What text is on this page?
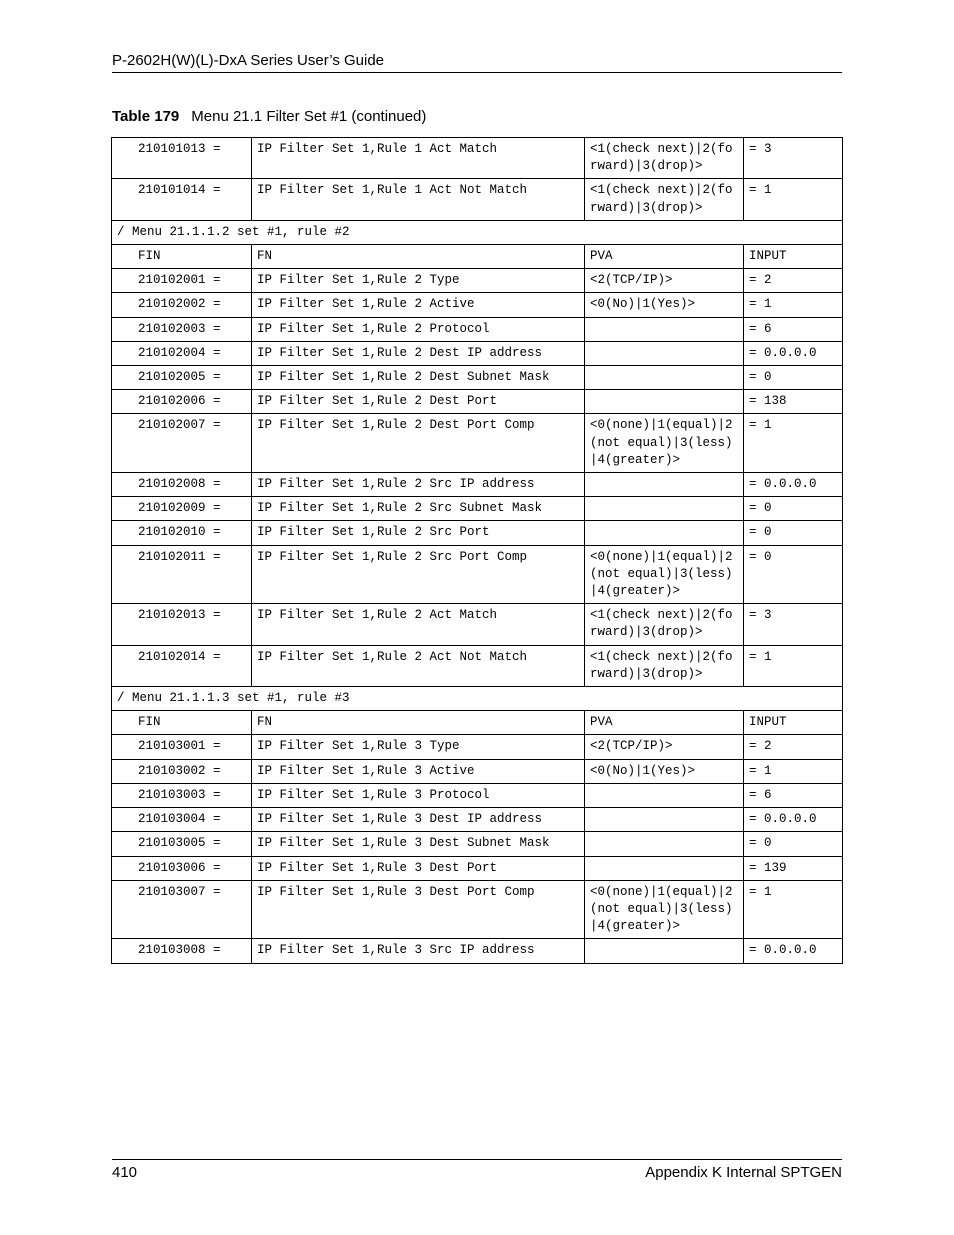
P-2602H(W)(L)-DxA Series User’s Guide
Table 179 Menu 21.1 Filter Set #1 (continued)
210101013 =	IP Filter Set 1,Rule 1 Act Match	<1(check next)|2(forward)|3(drop)>	= 3
210101014 =	IP Filter Set 1,Rule 1 Act Not Match	<1(check next)|2(forward)|3(drop)>	= 1
/ Menu 21.1.1.2 set #1, rule #2			
FIN	FN	PVA	INPUT
210102001 =	IP Filter Set 1,Rule 2 Type	<2(TCP/IP)>	= 2
210102002 =	IP Filter Set 1,Rule 2 Active	<0(No)|1(Yes)>	= 1
210102003 =	IP Filter Set 1,Rule 2 Protocol		= 6
210102004 =	IP Filter Set 1,Rule 2 Dest IP address		= 0.0.0.0
210102005 =	IP Filter Set 1,Rule 2 Dest Subnet Mask		= 0
210102006 =	IP Filter Set 1,Rule 2 Dest Port		= 138
210102007 =	IP Filter Set 1,Rule 2 Dest Port Comp	<0(none)|1(equal)|2(not equal)|3(less)|4(greater)>	= 1
210102008 =	IP Filter Set 1,Rule 2 Src IP address		= 0.0.0.0
210102009 =	IP Filter Set 1,Rule 2 Src Subnet Mask		= 0
210102010 =	IP Filter Set 1,Rule 2 Src Port		= 0
210102011 =	IP Filter Set 1,Rule 2 Src Port Comp	<0(none)|1(equal)|2(not equal)|3(less)|4(greater)>	= 0
210102013 =	IP Filter Set 1,Rule 2 Act Match	<1(check next)|2(forward)|3(drop)>	= 3
210102014 =	IP Filter Set 1,Rule 2 Act Not Match	<1(check next)|2(forward)|3(drop)>	= 1
/ Menu 21.1.1.3 set #1, rule #3			
FIN	FN	PVA	INPUT
210103001 =	IP Filter Set 1,Rule 3 Type	<2(TCP/IP)>	= 2
210103002 =	IP Filter Set 1,Rule 3 Active	<0(No)|1(Yes)>	= 1
210103003 =	IP Filter Set 1,Rule 3 Protocol		= 6
210103004 =	IP Filter Set 1,Rule 3 Dest IP address		= 0.0.0.0
210103005 =	IP Filter Set 1,Rule 3 Dest Subnet Mask		= 0
210103006 =	IP Filter Set 1,Rule 3 Dest Port		= 139
210103007 =	IP Filter Set 1,Rule 3 Dest Port Comp	<0(none)|1(equal)|2(not equal)|3(less)|4(greater)>	= 1
210103008 =	IP Filter Set 1,Rule 3 Src IP address		= 0.0.0.0
410	Appendix K Internal SPTGEN
